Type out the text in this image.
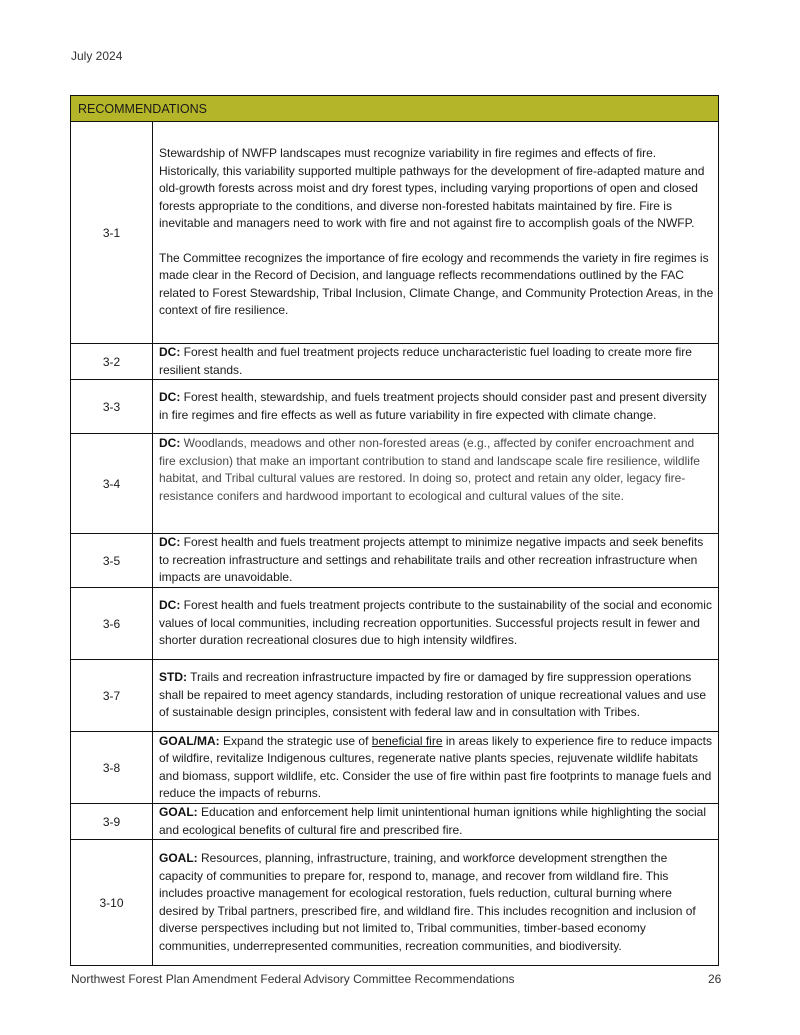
July 2024
RECOMMENDATIONS	
3-1	Stewardship of NWFP landscapes must recognize variability in fire regimes and effects of fire. Historically, this variability supported multiple pathways for the development of fire-adapted mature and old-growth forests across moist and dry forest types, including varying proportions of open and closed forests appropriate to the conditions, and diverse non-forested habitats maintained by fire. Fire is inevitable and managers need to work with fire and not against fire to accomplish goals of the NWFP.
The Committee recognizes the importance of fire ecology and recommends the variety in fire regimes is made clear in the Record of Decision, and language reflects recommendations outlined by the FAC related to Forest Stewardship, Tribal Inclusion, Climate Change, and Community Protection Areas, in the context of fire resilience.

3-2	DC: Forest health and fuel treatment projects reduce uncharacteristic fuel loading to create more fire resilient stands.
3-3	DC: Forest health, stewardship, and fuels treatment projects should consider past and present diversity in fire regimes and fire effects as well as future variability in fire expected with climate change.
3-4	DC: Woodlands, meadows and other non-forested areas (e.g., affected by conifer encroachment and fire exclusion) that make an important contribution to stand and landscape scale fire resilience, wildlife habitat, and Tribal cultural values are restored. In doing so, protect and retain any older, legacy fire-resistance conifers and hardwood important to ecological and cultural values of the site.
3-5	DC: Forest health and fuels treatment projects attempt to minimize negative impacts and seek benefits to recreation infrastructure and settings and rehabilitate trails and other recreation infrastructure when impacts are unavoidable.
3-6	DC: Forest health and fuels treatment projects contribute to the sustainability of the social and economic values of local communities, including recreation opportunities. Successful projects result in fewer and shorter duration recreational closures due to high intensity wildfires.
3-7	STD: Trails and recreation infrastructure impacted by fire or damaged by fire suppression operations shall be repaired to meet agency standards, including restoration of unique recreational values and use of sustainable design principles, consistent with federal law and in consultation with Tribes.
3-8	GOAL/MA: Expand the strategic use of beneficial fire in areas likely to experience fire to reduce impacts of wildfire, revitalize Indigenous cultures, regenerate native plants species, rejuvenate wildlife habitats and biomass, support wildlife, etc. Consider the use of fire within past fire footprints to manage fuels and reduce the impacts of reburns.
3-9	GOAL: Education and enforcement help limit unintentional human ignitions while highlighting the social and ecological benefits of cultural fire and prescribed fire.
3-10	GOAL: Resources, planning, infrastructure, training, and workforce development strengthen the capacity of communities to prepare for, respond to, manage, and recover from wildland fire. This includes proactive management for ecological restoration, fuels reduction, cultural burning where desired by Tribal partners, prescribed fire, and wildland fire. This includes recognition and inclusion of diverse perspectives including but not limited to, Tribal communities, timber-based economy communities, underrepresented communities, recreation communities, and biodiversity.
Northwest Forest Plan Amendment Federal Advisory Committee Recommendations	26
